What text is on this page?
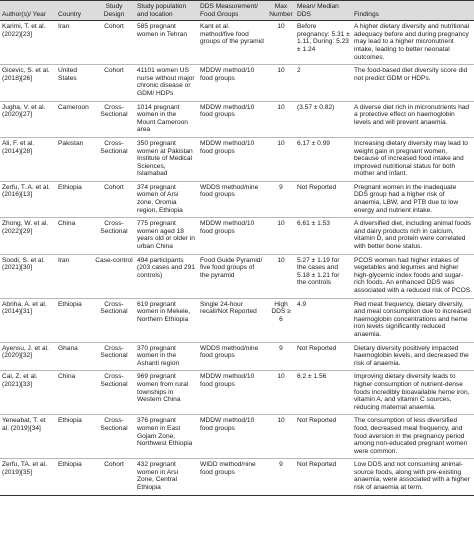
Author(s)/ Year	Country	Study Design	Study population and location	DDS Measurement/ Food Groups	Max Number	Mean/ Median DDS	Findings
Karimi, T. et al. (2022)[23]	Iran	Cohort	585 pregnant women in Tehran	Kant et al. method/five food groups of the pyramid	10	Before pregnancy: 5.31 ± 1.11, During: 5.23 ± 1.24	A higher dietary diversity and nutritional adequacy before and during pregnancy may lead to a higher micronutrient intake, leading to better neonatal outcomes.
Gicevic, S. et al. (2018)[26]	United States	Cohort	41101 women US nurse without major chronic disease or GDM/ HDPs	MDDW method/10 food groups	10	2	The food-based diet diversity score did not predict GDM or HDPs.
Jugha, V. et al. (2020)[27]	Cameroon	Cross-Sectional	1014 pregnant women in the Mount Cameroon area	MDDW method/10 food groups	10	(3.57 ± 0.82)	A diverse diet rich in micronutrients had a protective effect on haemoglobin levels and will prevent anaemia.
Ali, F. et al. (2014)[28]	Pakistan	Cross-Sectional	350 pregnant women at Pakistan Institute of Medical Sciences, Islamabad	MDDW method/10 food groups	10	6.17 ± 0.99	Increasing dietary diversity may lead to weight gain in pregnant women, because of increased food intake and improved nutritional status for both mother and infant.
Zerfu, T. A. et al. (2016)[13]	Ethiopia	Cohort	374 pregnant women of Arsi zone, Oromia region, Ethiopia	WDDS method/nine food groups	9	Not Reported	Pregnant women in the inadequate DDS group had a higher risk of anaemia, LBW, and PTB due to low energy and nutrient intake.
Zhong, W. et al. (2022)[29]	China	Cross-Sectional	775 pregnant women aged 18 years old or older in urban China	MDDW method/10 food groups	10	6.61 ± 1.53	A diversified diet, including animal foods and dairy products rich in calcium, vitamin D, and protein were correlated with better bone status.
Soodi, S. et al. (2021)[30]	Iran	Case-control	494 participants (203 cases and 291 controls)	Food Guide Pyramid/ five food groups of the pyramid	10	5.27 ± 1.19 for the cases and 5.18 ± 1.21 for the controls	PCOS women had higher intakes of vegetables and legumes and higher high-glycemic index foods and sugar-rich foods. An enhanced DDS was associated with a reduced risk of PCOS.
Abriha, A. et al. (2014)[31]	Ethiopia	Cross-Sectional	619 pregnant women in Mekele, Northern Ethiopia	Single 24-hour recall/Not Reported	High DDS ≥ 6	4.9	Red meat frequency, dietary diversity, and meal consumption due to increased haemoglobin concentrations and heme iron levels significantly reduced anaemia.
Ayensu, J. et al. (2020)[32]	Ghana	Cross-Sectional	370 pregnant women in the Ashanti region	WDDS method/nine food groups	9	Not Reported	Dietary diversity positively impacted haemoglobin levels, and decreased the risk of anaemia.
Cai, Z. et al. (2021)[33]	China	Cross-Sectional	969 pregnant women from rural townships in Western China	MDDW method/10 food groups	10	6.2 ± 1.56	Improving dietary diversity leads to higher consumption of nutrient-dense foods incredibly bioavailable heme iron, vitamin A, and vitamin C sources, reducing maternal anaemia.
Yeneabat, T. et al. (2019)[34]	Ethiopia	Cross-Sectional	376 pregnant women in East Gojam Zone, Northwest Ethiopia	MDDW method/10 food groups	10	Not Reported	The consumption of less diversified food, decreased meal frequency, and food aversion in the pregnancy period among non-educated pregnant women were common.
Zerfu, TA. et al. (2019)[35]	Ethiopia	Cohort	432 pregnant women in Arsi Zone, Central Ethiopia	WIDD method/nine food groups	9	Not Reported	Low DDS and not consuming animal-source foods, along with pre-existing anaemia, were associated with a higher risk of anaemia at term.
